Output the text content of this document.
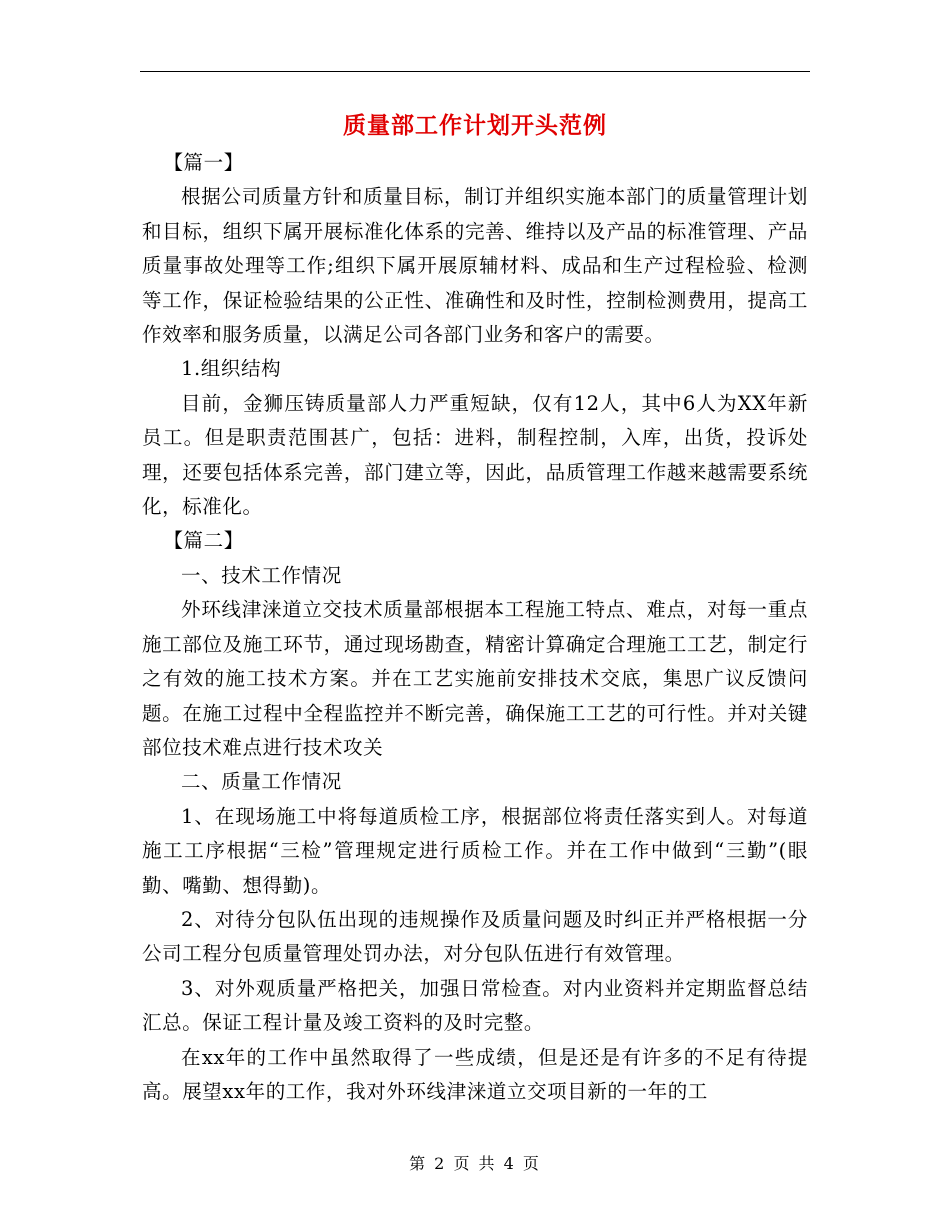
质量部工作计划开头范例

【篇一】

根据公司质量方针和质量目标，制订并组织实施本部门的质量管理计划和目标，组织下属开展标准化体系的完善、维持以及产品的标准管理、产品质量事故处理等工作;组织下属开展原辅材料、成品和生产过程检验、检测等工作，保证检验结果的公正性、准确性和及时性，控制检测费用，提高工作效率和服务质量，以满足公司各部门业务和客户的需要。

1.组织结构

目前，金狮压铸质量部人力严重短缺，仅有12人，其中6人为XX年新员工。但是职责范围甚广，包括：进料，制程控制，入库，出货，投诉处理，还要包括体系完善，部门建立等，因此，品质管理工作越来越需要系统化，标准化。

【篇二】

一、技术工作情况

外环线津涞道立交技术质量部根据本工程施工特点、难点，对每一重点施工部位及施工环节，通过现场勘查，精密计算确定合理施工工艺，制定行之有效的施工技术方案。并在工艺实施前安排技术交底，集思广议反馈问题。在施工过程中全程监控并不断完善，确保施工工艺的可行性。并对关键部位技术难点进行技术攻关

二、质量工作情况

1、在现场施工中将每道质检工序，根据部位将责任落实到人。对每道施工工序根据“三检”管理规定进行质检工作。并在工作中做到“三勤”(眼勤、嘴勤、想得勤)。

2、对待分包队伍出现的违规操作及质量问题及时纠正并严格根据一分公司工程分包质量管理处罚办法，对分包队伍进行有效管理。

3、对外观质量严格把关，加强日常检查。对内业资料并定期监督总结汇总。保证工程计量及竣工资料的及时完整。

在xx年的工作中虽然取得了一些成绩，但是还是有许多的不足有待提高。展望xx年的工作，我对外环线津涞道立交项目新的一年的工

第 2 页 共 4 页
